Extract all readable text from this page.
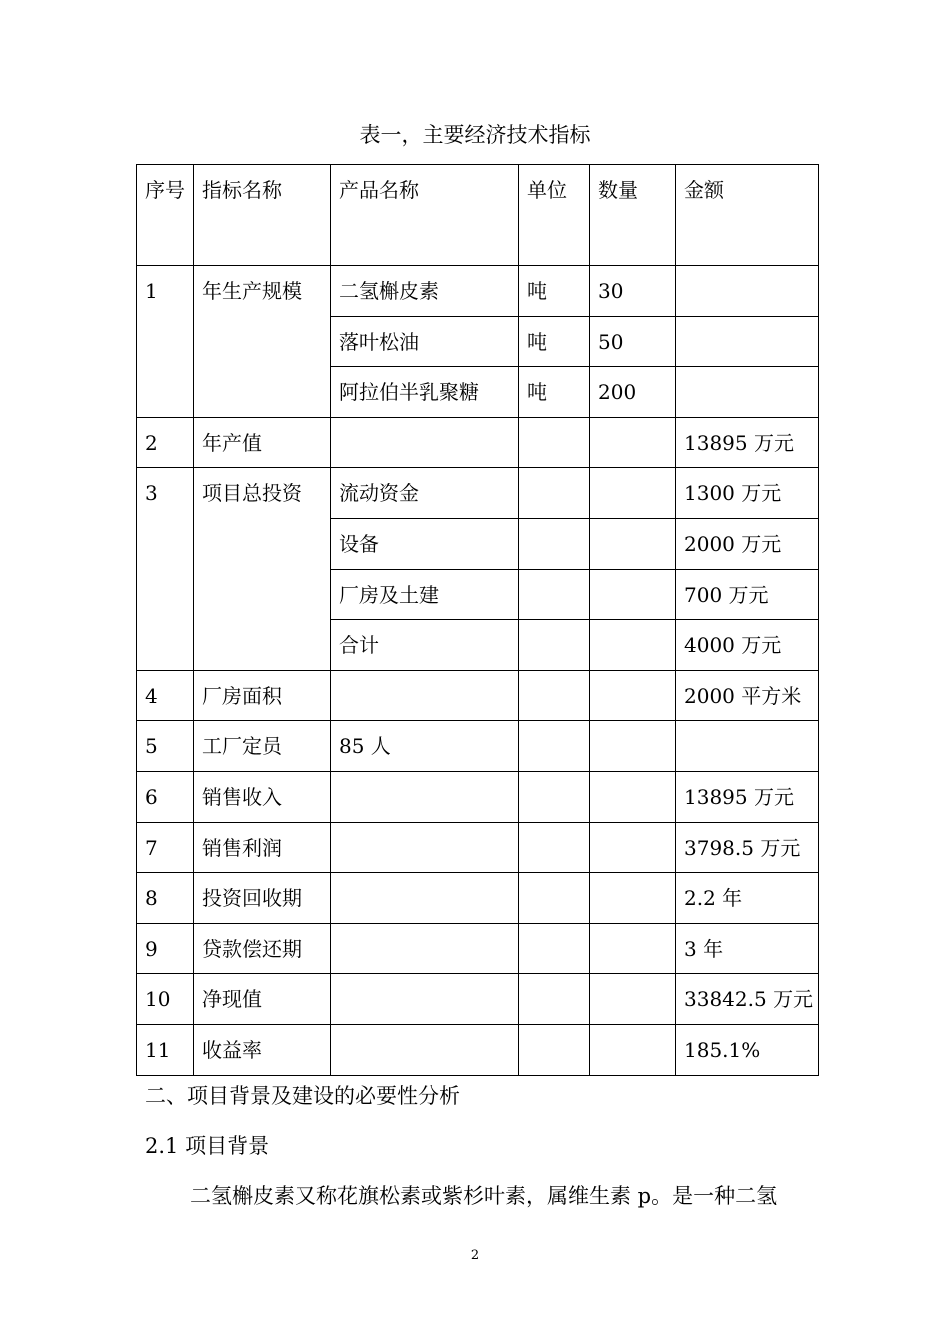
表一，主要经济技术指标
序号	指标名称	产品名称	单位	数量	金额
1	年生产规模	二氢槲皮素	吨	30	
		落叶松油	吨	50	
		阿拉伯半乳聚糖	吨	200	
2	年产值				13895 万元
3	项目总投资	流动资金			1300 万元
		设备			2000 万元
		厂房及土建			700 万元
		合计			4000 万元
4	厂房面积				2000 平方米
5	工厂定员	85 人			
6	销售收入				13895 万元
7	销售利润				3798.5 万元
8	投资回收期				2.2 年
9	贷款偿还期				3 年
10	净现值				33842.5 万元
11	收益率				185.1%
二、项目背景及建设的必要性分析
2.1 项目背景
二氢槲皮素又称花旗松素或紫杉叶素，属维生素 p。是一种二氢
2
